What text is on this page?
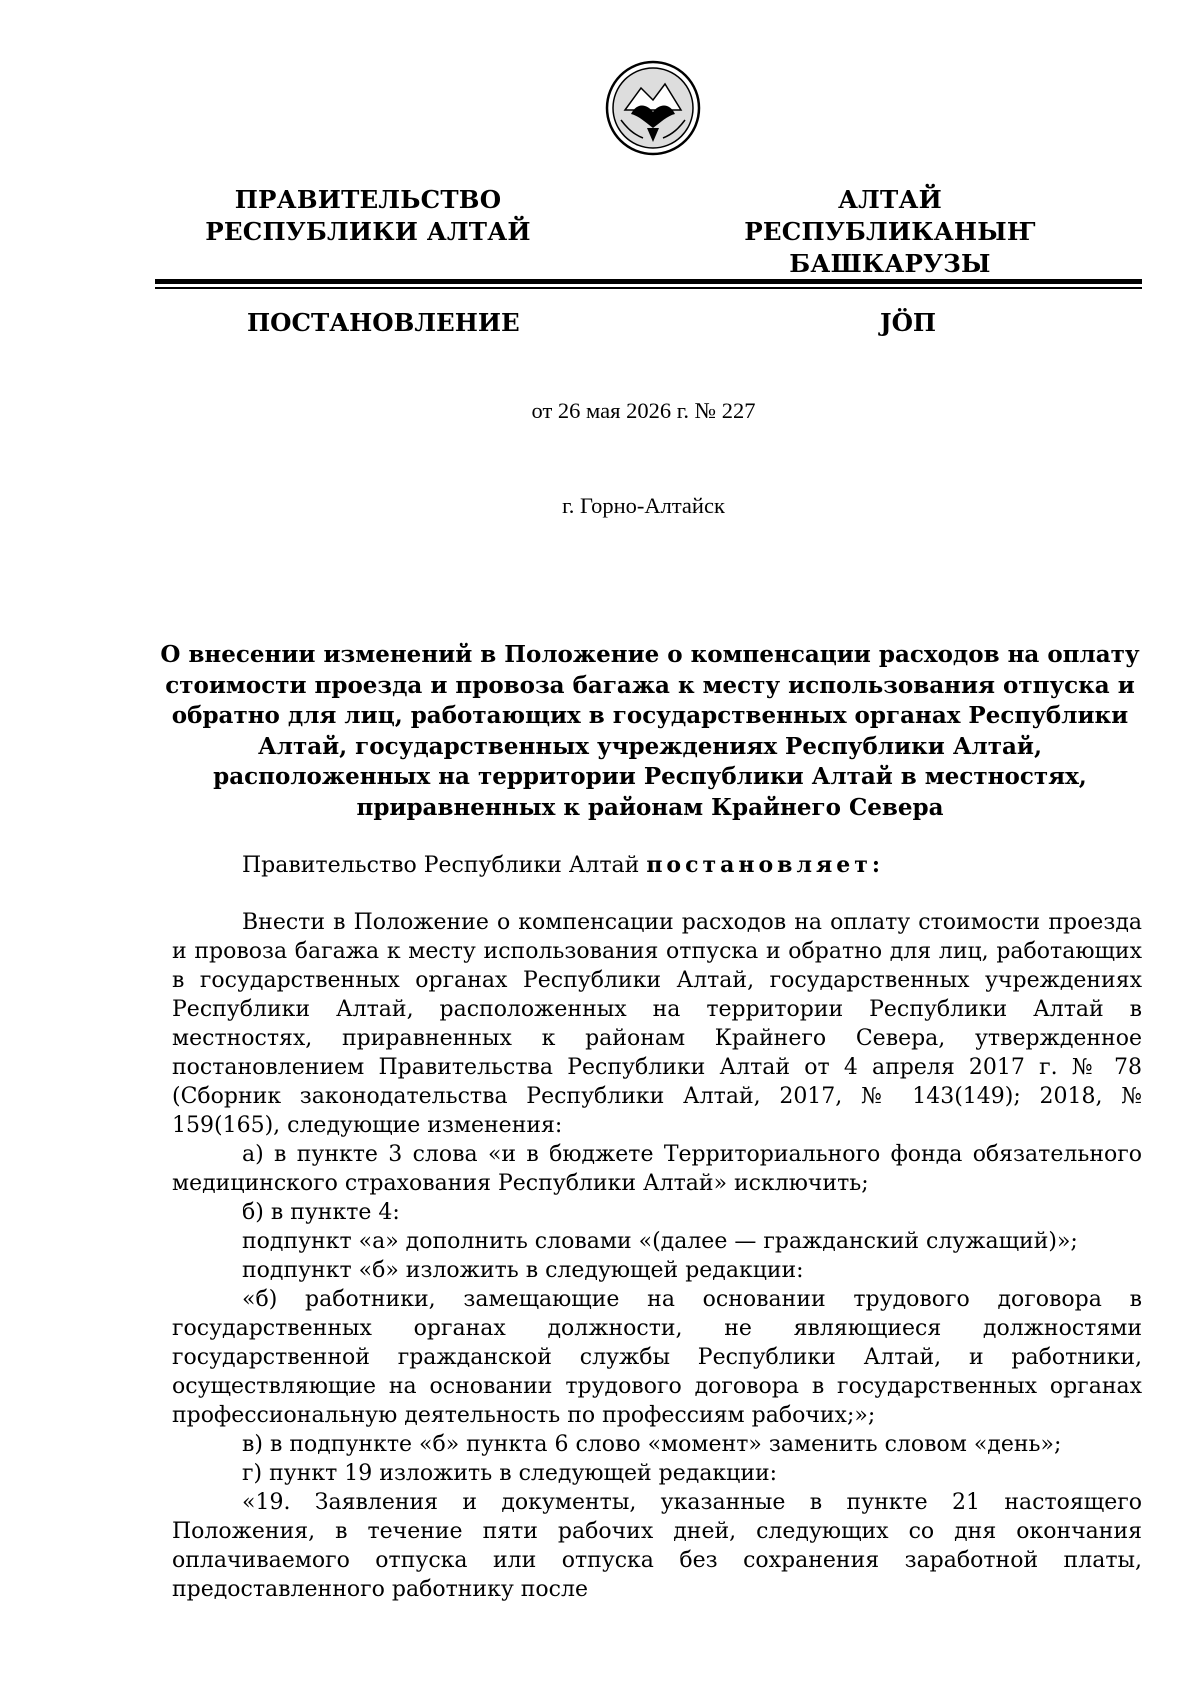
ПРАВИТЕЛЬСТВО
РЕСПУБЛИКИ АЛТАЙ
АЛТАЙ РЕСПУБЛИКАНЫҤ
БАШКАРУЗЫ
ПОСТАНОВЛЕНИЕ	ЈӦП
от 26 мая 2026 г. № 227
г. Горно-Алтайск
О внесении изменений в Положение о компенсации расходов на оплату стоимости проезда и провоза багажа к месту использования отпуска и обратно для лиц, работающих в государственных органах Республики Алтай, государственных учреждениях Республики Алтай, расположенных на территории Республики Алтай в местностях, приравненных к районам Крайнего Севера
Правительство Республики Алтай постановляет:

Внести в Положение о компенсации расходов на оплату стоимости проезда и провоза багажа к месту использования отпуска и обратно для лиц, работающих в государственных органах Республики Алтай, государственных учреждениях Республики Алтай, расположенных на территории Республики Алтай в местностях, приравненных к районам Крайнего Севера, утвержденное постановлением Правительства Республики Алтай от 4 апреля 2017 г. № 78 (Сборник законодательства Республики Алтай, 2017, № 143(149); 2018, № 159(165), следующие изменения:

а) в пункте 3 слова «и в бюджете Территориального фонда обязательного медицинского страхования Республики Алтай» исключить;

б) в пункте 4:

подпункт «а» дополнить словами «(далее — гражданский служащий)»;

подпункт «б» изложить в следующей редакции:

«б) работники, замещающие на основании трудового договора в государственных органах должности, не являющиеся должностями государственной гражданской службы Республики Алтай, и работники, осуществляющие на основании трудового договора в государственных органах профессиональную деятельность по профессиям рабочих;»;

в) в подпункте «б» пункта 6 слово «момент» заменить словом «день»;

г) пункт 19 изложить в следующей редакции:

«19. Заявления и документы, указанные в пункте 21 настоящего Положения, в течение пяти рабочих дней, следующих со дня окончания оплачиваемого отпуска или отпуска без сохранения заработной платы, предоставленного работнику после
